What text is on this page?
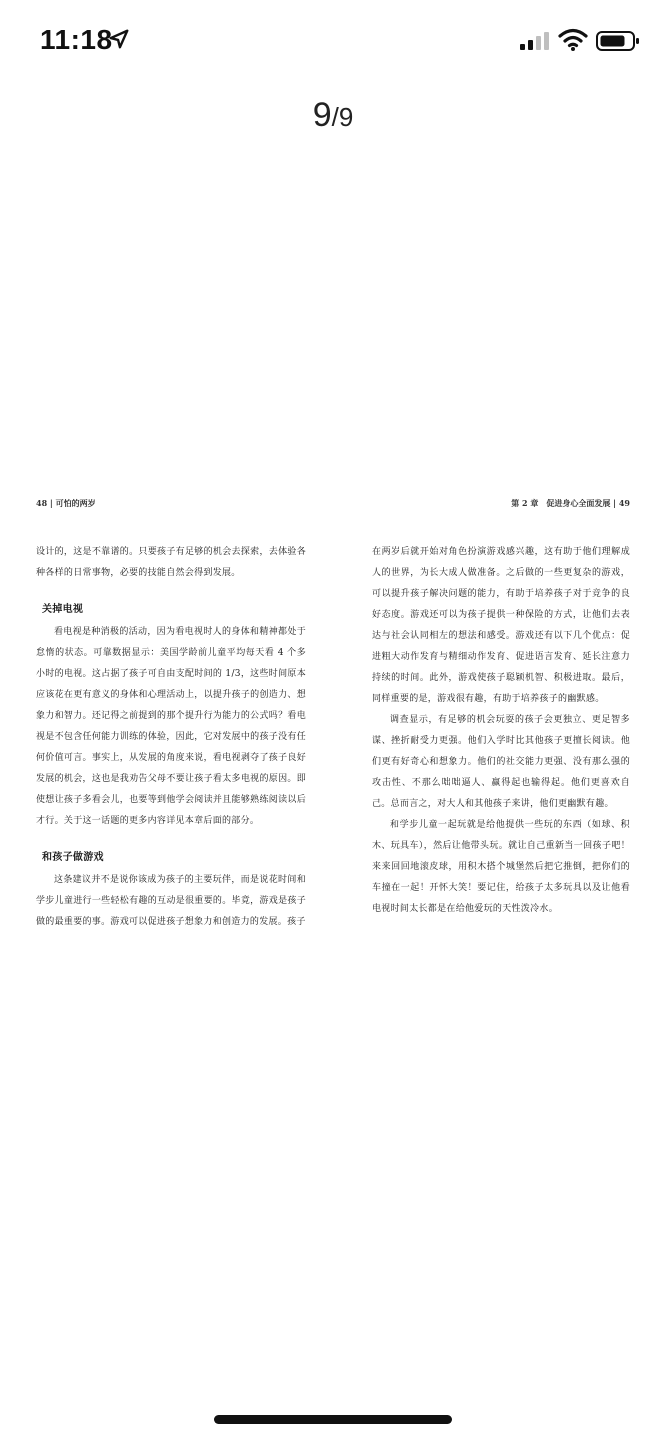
11:18
9/9
48 | 可怕的两岁

设计的，这是不靠谱的。只要孩子有足够的机会去探索，去体验各种各样的日常事物，必要的技能自然会得到发展。

关掉电视

看电视是种消极的活动，因为看电视时人的身体和精神都处于怠惰的状态。可靠数据显示：美国学龄前儿童平均每天看 4 个多小时的电视。这占据了孩子可自由支配时间的 1/3，这些时间原本应该花在更有意义的身体和心理活动上，以提升孩子的创造力、想象力和智力。还记得之前提到的那个提升行为能力的公式吗？看电视是不包含任何能力训练的体验，因此，它对发展中的孩子没有任何价值可言。事实上，从发展的角度来说，看电视剥夺了孩子良好发展的机会，这也是我劝告父母不要让孩子看太多电视的原因。即使想让孩子多看会儿，也要等到他学会阅读并且能够熟练阅读以后才行。关于这一话题的更多内容详见本章后面的部分。

和孩子做游戏

这条建议并不是说你该成为孩子的主要玩伴，而是说花时间和学步儿童进行一些轻松有趣的互动是很重要的。毕竟，游戏是孩子做的最重要的事。游戏可以促进孩子想象力和创造力的发展。孩子

第 2 章　促进身心全面发展 | 49

在两岁后就开始对角色扮演游戏感兴趣，这有助于他们理解成人的世界，为长大成人做准备。之后做的一些更复杂的游戏，可以提升孩子解决问题的能力，有助于培养孩子对于竞争的良好态度。游戏还可以为孩子提供一种保险的方式，让他们去表达与社会认同相左的想法和感受。游戏还有以下几个优点：促进粗大动作发育与精细动作发育、促进语言发育、延长注意力持续的时间。此外，游戏使孩子聪颖机智、积极进取。最后，同样重要的是，游戏很有趣，有助于培养孩子的幽默感。

调查显示，有足够的机会玩耍的孩子会更独立、更足智多谋、挫折耐受力更强。他们入学时比其他孩子更擅长阅读。他们更有好奇心和想象力。他们的社交能力更强、没有那么强的攻击性、不那么咄咄逼人、赢得起也输得起。他们更喜欢自己。总而言之，对大人和其他孩子来讲，他们更幽默有趣。

和学步儿童一起玩就是给他提供一些玩的东西（如球、积木、玩具车），然后让他带头玩。就让自己重新当一回孩子吧！来来回回地滚皮球，用积木搭个城堡然后把它推倒，把你们的车撞在一起！开怀大笑！要记住，给孩子太多玩具以及让他看电视时间太长都是在给他爱玩的天性泼冷水。
